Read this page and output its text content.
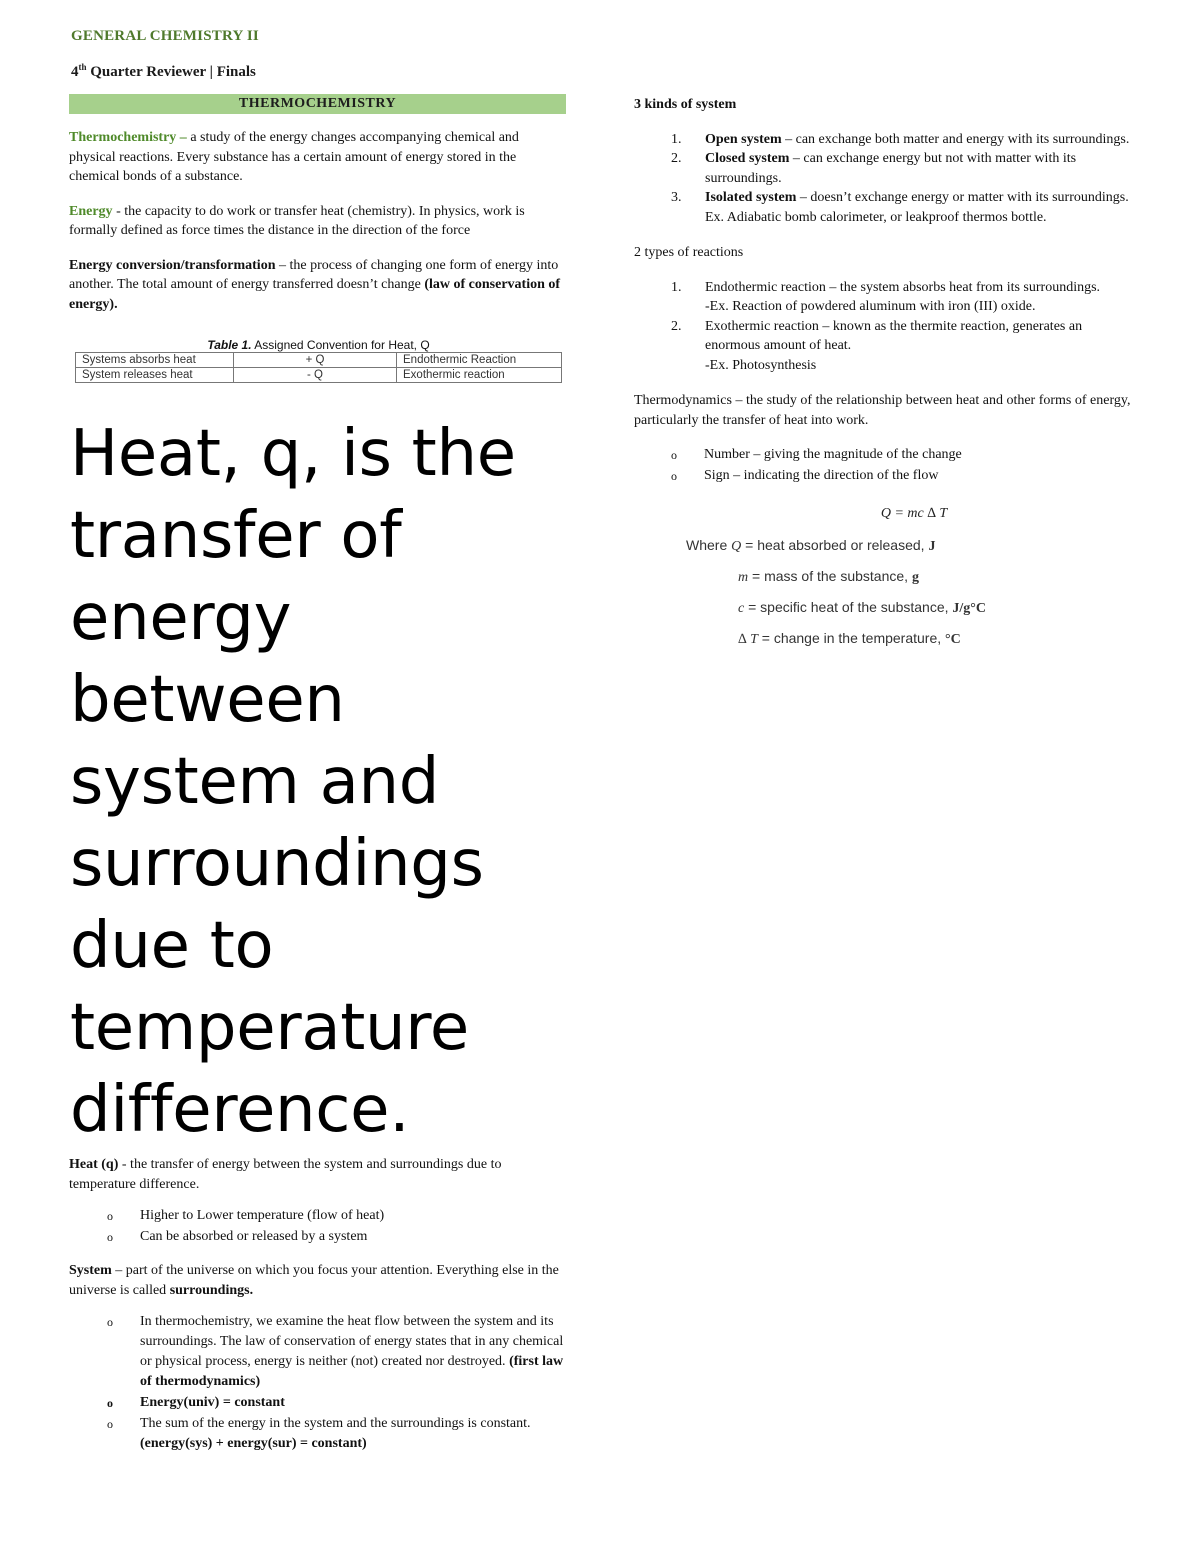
GENERAL CHEMISTRY II
4th Quarter Reviewer | Finals
THERMOCHEMISTRY

Thermochemistry – a study of the energy changes accompanying chemical and physical reactions. Every substance has a certain amount of energy stored in the chemical bonds of a substance.

Energy - the capacity to do work or transfer heat (chemistry). In physics, work is formally defined as force times the distance in the direction of the force

Energy conversion/transformation – the process of changing one form of energy into another. The total amount of energy transferred doesn’t change (law of conservation of energy).

Table 1. Assigned Convention for Heat, Q
Systems absorbs heat	+ Q	Endothermic Reaction
System releases heat	- Q	Exothermic reaction
Heat, q, is the transfer of energy between system and surroundings due to temperature difference.

Heat (q) - the transfer of energy between the system and surroundings due to temperature difference.

o Higher to Lower temperature (flow of heat)
o Can be absorbed or released by a system

System – part of the universe on which you focus your attention. Everything else in the universe is called surroundings.

o In thermochemistry, we examine the heat flow between the system and its surroundings. The law of conservation of energy states that in any chemical or physical process, energy is neither (not) created nor destroyed. (first law of thermodynamics)
o Energy(univ) = constant
o The sum of the energy in the system and the surroundings is constant. (energy(sys) + energy(sur) = constant)

3 kinds of system

1. Open system – can exchange both matter and energy with its surroundings.
2. Closed system – can exchange energy but not with matter with its surroundings.
3. Isolated system – doesn’t exchange energy or matter with its surroundings. Ex. Adiabatic bomb calorimeter, or leakproof thermos bottle.

2 types of reactions

1. Endothermic reaction – the system absorbs heat from its surroundings.
-Ex. Reaction of powdered aluminum with iron (III) oxide.
2. Exothermic reaction – known as the thermite reaction, generates an enormous amount of heat.
-Ex. Photosynthesis

Thermodynamics – the study of the relationship between heat and other forms of energy, particularly the transfer of heat into work.

o Number – giving the magnitude of the change
o Sign – indicating the direction of the flow
Q = mc ∆ T
Where Q = heat absorbed or released, J
m = mass of the substance, g
c = specific heat of the substance, J/g°C
∆ T = change in the temperature, °C
